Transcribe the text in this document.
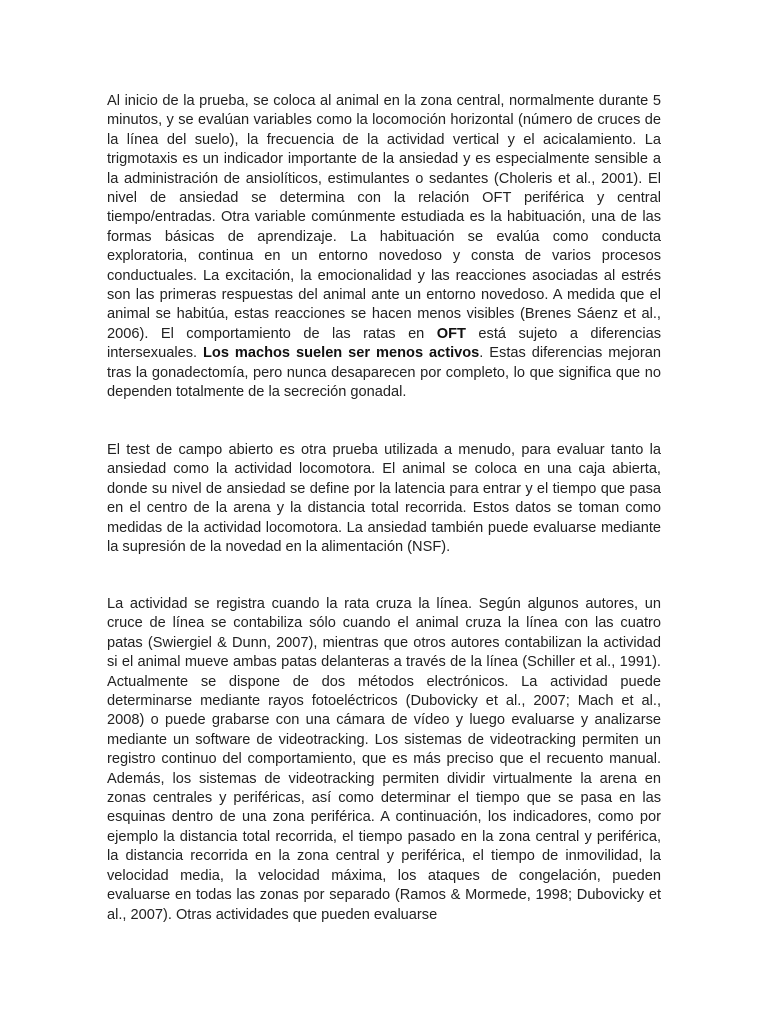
Al inicio de la prueba, se coloca al animal en la zona central, normalmente durante 5 minutos, y se evalúan variables como la locomoción horizontal (número de cruces de la línea del suelo), la frecuencia de la actividad vertical y el acicalamiento. La trigmotaxis es un indicador importante de la ansiedad y es especialmente sensible a la administración de ansiolíticos, estimulantes o sedantes (Choleris et al., 2001). El nivel de ansiedad se determina con la relación OFT periférica y central tiempo/entradas. Otra variable comúnmente estudiada es la habituación, una de las formas básicas de aprendizaje. La habituación se evalúa como conducta exploratoria, continua en un entorno novedoso y consta de varios procesos conductuales. La excitación, la emocionalidad y las reacciones asociadas al estrés son las primeras respuestas del animal ante un entorno novedoso. A medida que el animal se habitúa, estas reacciones se hacen menos visibles (Brenes Sáenz et al., 2006). El comportamiento de las ratas en OFT está sujeto a diferencias intersexuales. Los machos suelen ser menos activos. Estas diferencias mejoran tras la gonadectomía, pero nunca desaparecen por completo, lo que significa que no dependen totalmente de la secreción gonadal.

El test de campo abierto es otra prueba utilizada a menudo, para evaluar tanto la ansiedad como la actividad locomotora. El animal se coloca en una caja abierta, donde su nivel de ansiedad se define por la latencia para entrar y el tiempo que pasa en el centro de la arena y la distancia total recorrida. Estos datos se toman como medidas de la actividad locomotora. La ansiedad también puede evaluarse mediante la supresión de la novedad en la alimentación (NSF).

La actividad se registra cuando la rata cruza la línea. Según algunos autores, un cruce de línea se contabiliza sólo cuando el animal cruza la línea con las cuatro patas (Swiergiel & Dunn, 2007), mientras que otros autores contabilizan la actividad si el animal mueve ambas patas delanteras a través de la línea (Schiller et al., 1991). Actualmente se dispone de dos métodos electrónicos. La actividad puede determinarse mediante rayos fotoeléctricos (Dubovicky et al., 2007; Mach et al., 2008) o puede grabarse con una cámara de vídeo y luego evaluarse y analizarse mediante un software de videotracking. Los sistemas de videotracking permiten un registro continuo del comportamiento, que es más preciso que el recuento manual. Además, los sistemas de videotracking permiten dividir virtualmente la arena en zonas centrales y periféricas, así como determinar el tiempo que se pasa en las esquinas dentro de una zona periférica. A continuación, los indicadores, como por ejemplo la distancia total recorrida, el tiempo pasado en la zona central y periférica, la distancia recorrida en la zona central y periférica, el tiempo de inmovilidad, la velocidad media, la velocidad máxima, los ataques de congelación, pueden evaluarse en todas las zonas por separado (Ramos & Mormede, 1998; Dubovicky et al., 2007). Otras actividades que pueden evaluarse
